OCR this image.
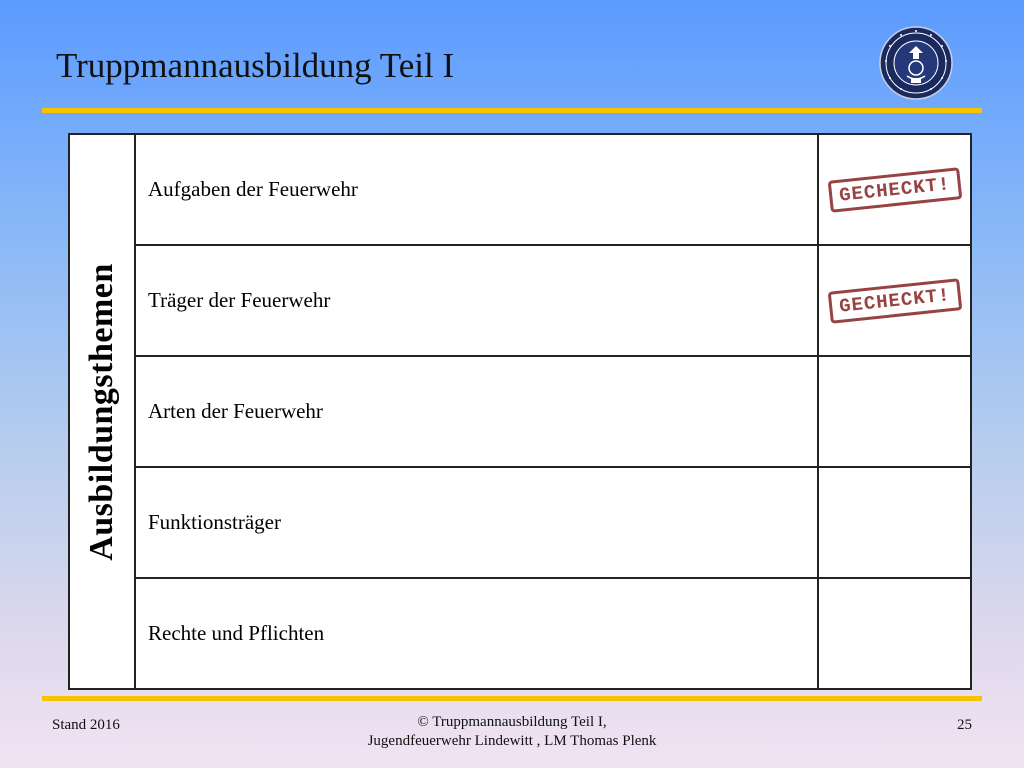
Truppmannausbildung Teil I
Ausbildungsthemen
Aufgaben der Feuerwehr	GECHECKT!
Träger der Feuerwehr	GECHECKT!
Arten der Feuerwehr
Funktionsträger
Rechte und Pflichten
Stand 2016	© Truppmannausbildung Teil I,
Jugendfeuerwehr Lindewitt , LM Thomas Plenk
25
